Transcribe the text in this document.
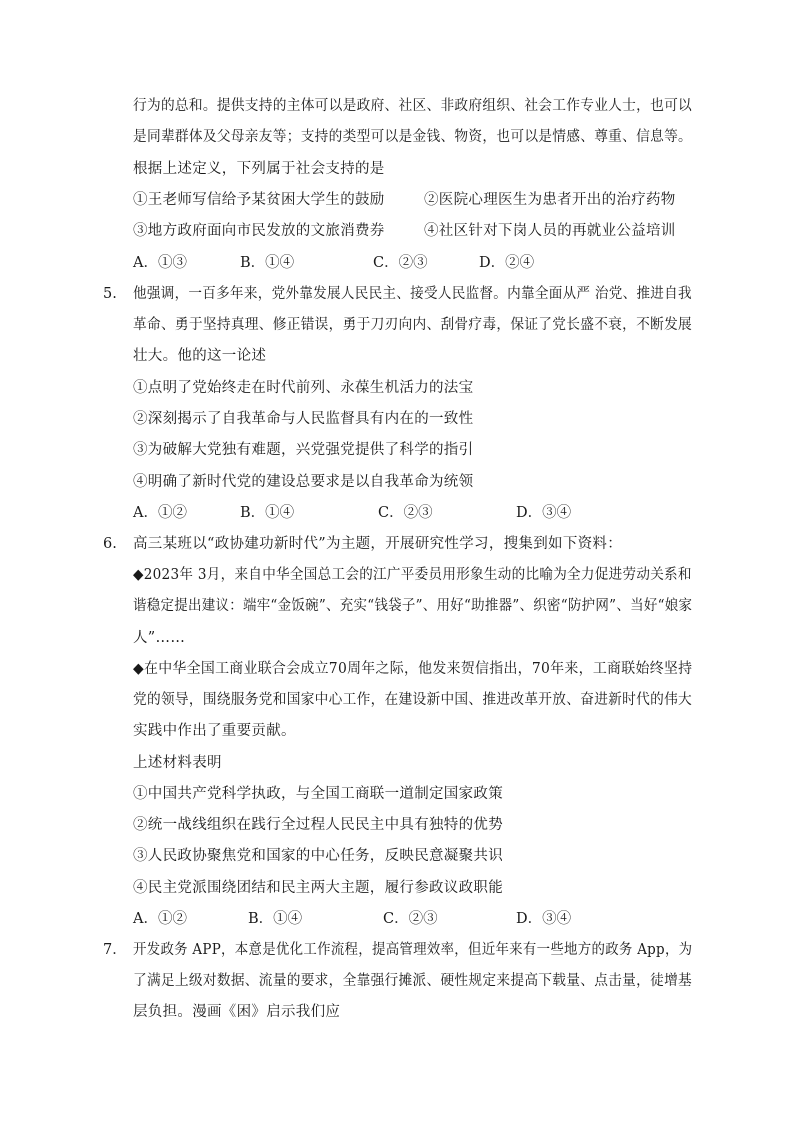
行为的总和。提供支持的主体可以是政府、社区、非政府组织、社会工作专业人士，也可以
是同辈群体及父母亲友等；支持的类型可以是金钱、物资，也可以是情感、尊重、信息等。
根据上述定义，下列属于社会支持的是
①王老师写信给予某贫困大学生的鼓励	②医院心理医生为患者开出的治疗药物
③地方政府面向市民发放的文旅消费券	④社区针对下岗人员的再就业公益培训
A．①③	B．①④	C．②③	D．②④
5. 他强调，一百多年来，党外靠发展人民民主、接受人民监督。内靠全面从严 治党、推进自我
革命、勇于坚持真理、修正错误，勇于刀刃向内、刮骨疗毒，保证了党长盛不衰，不断发展
壮大。他的这一论述
①点明了党始终走在时代前列、永葆生机活力的法宝
②深刻揭示了自我革命与人民监督具有内在的一致性
③为破解大党独有难题，兴党强党提供了科学的指引
④明确了新时代党的建设总要求是以自我革命为统领
A．①②	B．①④	C．②③	D．③④
6. 高三某班以“政协建功新时代”为主题，开展研究性学习，搜集到如下资料：
◆2023年 3月，来自中华全国总工会的江广平委员用形象生动的比喻为全力促进劳动关系和
谐稳定提出建议：端牢“金饭碗”、充实“钱袋子”、用好“助推器”、织密“防护网”、当好“娘家
人”……
◆在中华全国工商业联合会成立70周年之际，他发来贺信指出，70年来，工商联始终坚持
党的领导，围绕服务党和国家中心工作，在建设新中国、推进改革开放、奋进新时代的伟大
实践中作出了重要贡献。
上述材料表明
①中国共产党科学执政，与全国工商联一道制定国家政策
②统一战线组织在践行全过程人民民主中具有独特的优势
③人民政协聚焦党和国家的中心任务，反映民意凝聚共识
④民主党派围绕团结和民主两大主题，履行参政议政职能
A．①②	B．①④	C．②③	D．③④
7． 开发政务 APP，本意是优化工作流程，提高管理效率，但近年来有一些地方的政务 App，为
了满足上级对数据、流量的要求，全靠强行摊派、硬性规定来提高下载量、点击量，徒增基
层负担。漫画《困》启示我们应
